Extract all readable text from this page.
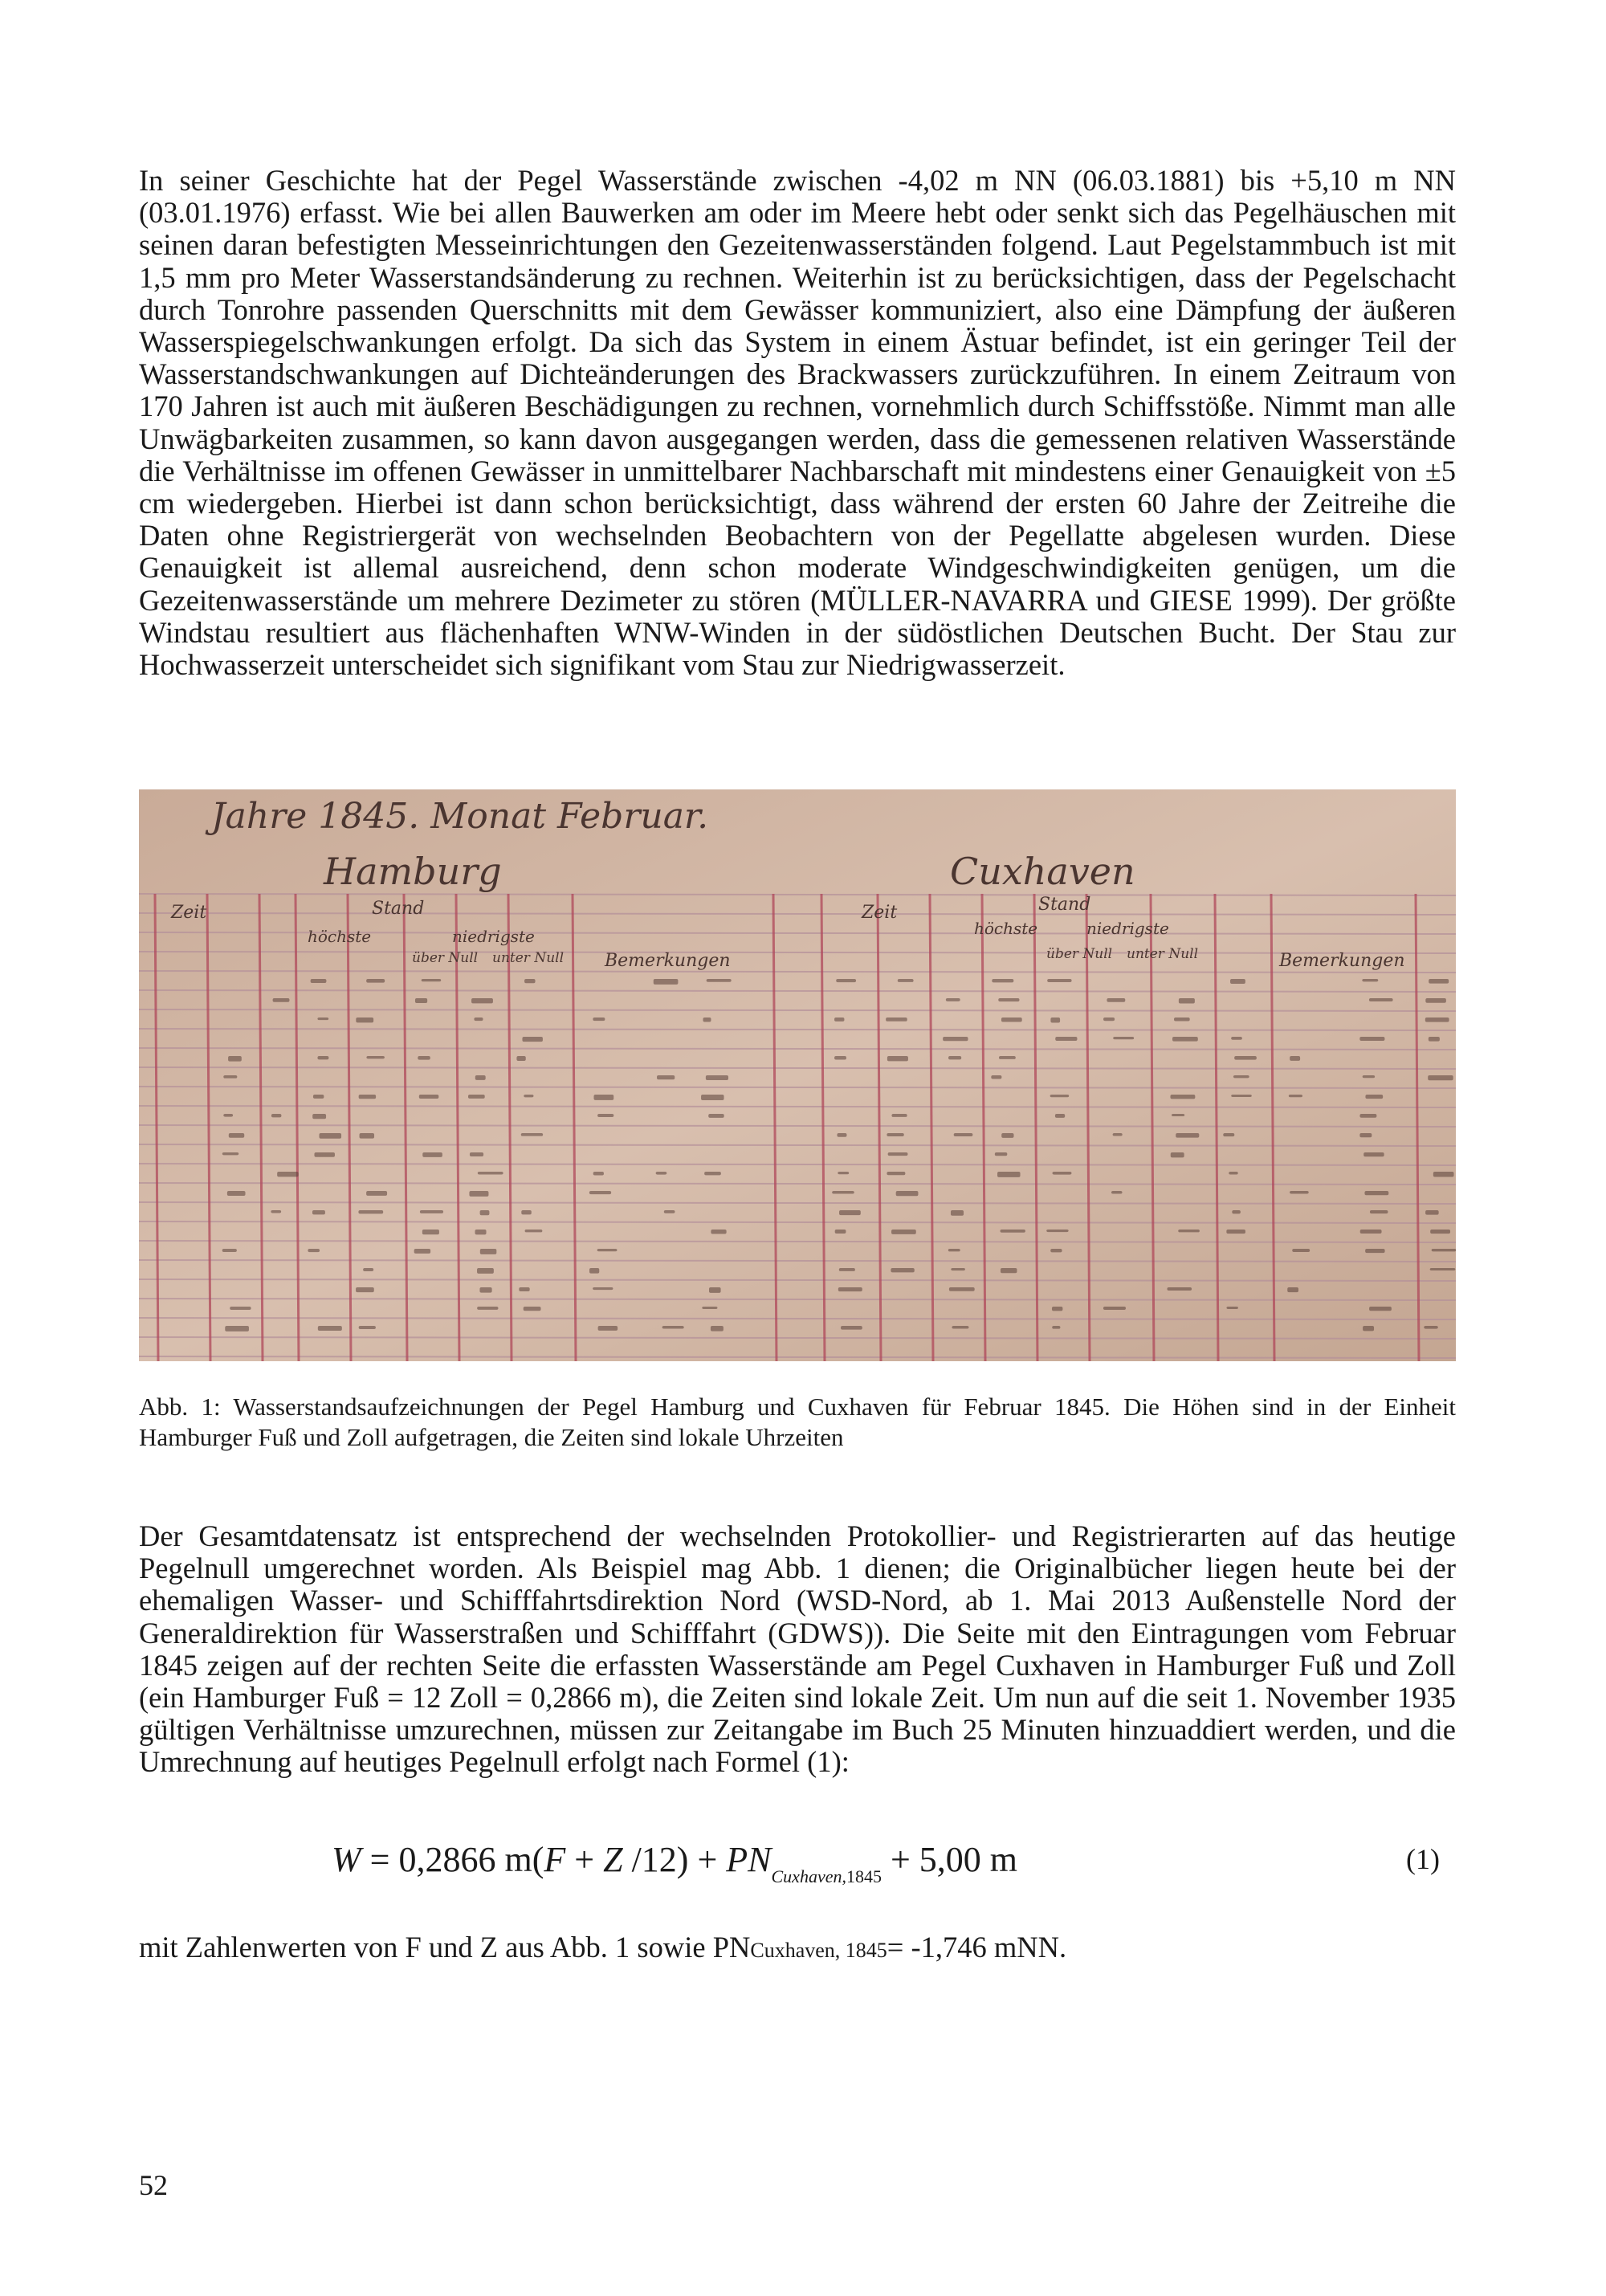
In seiner Geschichte hat der Pegel Wasserstände zwischen -4,02 m NN (06.03.1881) bis +5,10 m NN (03.01.1976) erfasst. Wie bei allen Bauwerken am oder im Meere hebt oder senkt sich das Pegelhäuschen mit seinen daran befestigten Messeinrichtungen den Gezeitenwasserständen folgend. Laut Pegelstammbuch ist mit 1,5 mm pro Meter Wasserstandsänderung zu rechnen. Weiterhin ist zu berücksichtigen, dass der Pegelschacht durch Tonrohre passenden Querschnitts mit dem Gewässer kommuniziert, also eine Dämpfung der äußeren Wasserspiegelschwankungen erfolgt. Da sich das System in einem Ästuar befindet, ist ein geringer Teil der Wasserstandschwankungen auf Dichteänderungen des Brackwassers zurückzuführen. In einem Zeitraum von 170 Jahren ist auch mit äußeren Beschädigungen zu rechnen, vornehmlich durch Schiffsstöße. Nimmt man alle Unwägbarkeiten zusammen, so kann davon ausgegangen werden, dass die gemessenen relativen Wasserstände die Verhältnisse im offenen Gewässer in unmittelbarer Nachbarschaft mit mindestens einer Genauigkeit von ±5 cm wiedergeben. Hierbei ist dann schon berücksichtigt, dass während der ersten 60 Jahre der Zeitreihe die Daten ohne Registriergerät von wechselnden Beobachtern von der Pegellatte abgelesen wurden. Diese Genauigkeit ist allemal ausreichend, denn schon moderate Windgeschwindigkeiten genügen, um die Gezeitenwasserstände um mehrere Dezimeter zu stören (MÜLLER-NAVARRA und GIESE 1999). Der größte Windstau resultiert aus flächenhaften WNW-Winden in der südöstlichen Deutschen Bucht. Der Stau zur Hochwasserzeit unterscheidet sich signifikant vom Stau zur Niedrigwasserzeit.

Jahre 1845. Monat Februar.
Hamburg	Cuxhaven
Zeit	Stand
höchste	niedrigste
über Null unter Null Bemerkungen
Zeit	Stand
höchste	niedrigste
über Null unter Null	Bemerkungen

Abb. 1: Wasserstandsaufzeichnungen der Pegel Hamburg und Cuxhaven für Februar 1845. Die Höhen sind in der Einheit Hamburger Fuß und Zoll aufgetragen, die Zeiten sind lokale Uhrzeiten

Der Gesamtdatensatz ist entsprechend der wechselnden Protokollier- und Registrierarten auf das heutige Pegelnull umgerechnet worden. Als Beispiel mag Abb. 1 dienen; die Originalbücher liegen heute bei der ehemaligen Wasser- und Schifffahrtsdirektion Nord (WSD-Nord, ab 1. Mai 2013 Außenstelle Nord der Generaldirektion für Wasserstraßen und Schifffahrt (GDWS)). Die Seite mit den Eintragungen vom Februar 1845 zeigen auf der rechten Seite die erfassten Wasserstände am Pegel Cuxhaven in Hamburger Fuß und Zoll (ein Hamburger Fuß = 12 Zoll = 0,2866 m), die Zeiten sind lokale Zeit. Um nun auf die seit 1. November 1935 gültigen Verhältnisse umzurechnen, müssen zur Zeitangabe im Buch 25 Minuten hinzuaddiert werden, und die Umrechnung auf heutiges Pegelnull erfolgt nach Formel (1):

W = 0,2866 m(F + Z $/12) + PN_{Cuxhaven,1845} + 5,00$ m	(1)

mit Zahlenwerten von F und Z aus Abb. 1 sowie PNCuxhaven, 1845= -1,746 mNN.

52
